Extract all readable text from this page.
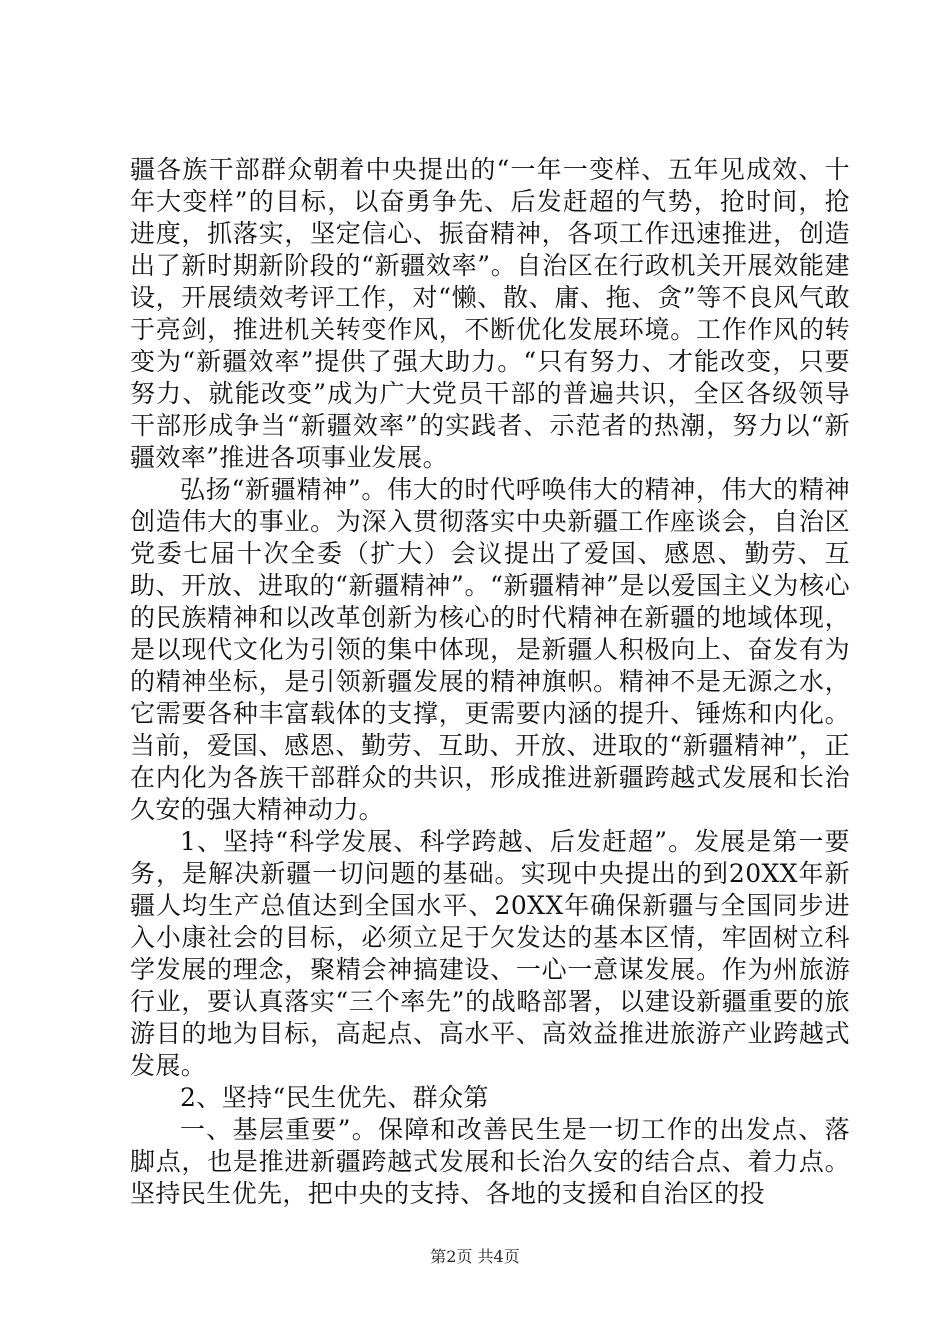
疆各族干部群众朝着中央提出的“一年一变样、五年见成效、十年大变样”的目标，以奋勇争先、后发赶超的气势，抢时间，抢进度，抓落实，坚定信心、振奋精神，各项工作迅速推进，创造出了新时期新阶段的“新疆效率”。自治区在行政机关开展效能建设，开展绩效考评工作，对“懒、散、庸、拖、贪”等不良风气敢于亮剑，推进机关转变作风，不断优化发展环境。工作作风的转变为“新疆效率”提供了强大助力。“只有努力、才能改变，只要努力、就能改变”成为广大党员干部的普遍共识，全区各级领导干部形成争当“新疆效率”的实践者、示范者的热潮，努力以“新疆效率”推进各项事业发展。

弘扬“新疆精神”。伟大的时代呼唤伟大的精神，伟大的精神创造伟大的事业。为深入贯彻落实中央新疆工作座谈会，自治区党委七届十次全委（扩大）会议提出了爱国、感恩、勤劳、互助、开放、进取的“新疆精神”。“新疆精神”是以爱国主义为核心的民族精神和以改革创新为核心的时代精神在新疆的地域体现，是以现代文化为引领的集中体现，是新疆人积极向上、奋发有为的精神坐标，是引领新疆发展的精神旗帜。精神不是无源之水，它需要各种丰富载体的支撑，更需要内涵的提升、锤炼和内化。当前，爱国、感恩、勤劳、互助、开放、进取的“新疆精神”，正在内化为各族干部群众的共识，形成推进新疆跨越式发展和长治久安的强大精神动力。

1、坚持“科学发展、科学跨越、后发赶超”。发展是第一要务，是解决新疆一切问题的基础。实现中央提出的到20XX年新疆人均生产总值达到全国水平、20XX年确保新疆与全国同步进入小康社会的目标，必须立足于欠发达的基本区情，牢固树立科学发展的理念，聚精会神搞建设、一心一意谋发展。作为州旅游行业，要认真落实“三个率先”的战略部署，以建设新疆重要的旅游目的地为目标，高起点、高水平、高效益推进旅游产业跨越式发展。

2、坚持“民生优先、群众第

一、基层重要”。保障和改善民生是一切工作的出发点、落脚点，也是推进新疆跨越式发展和长治久安的结合点、着力点。坚持民生优先，把中央的支持、各地的支援和自治区的投

第2页 共4页
